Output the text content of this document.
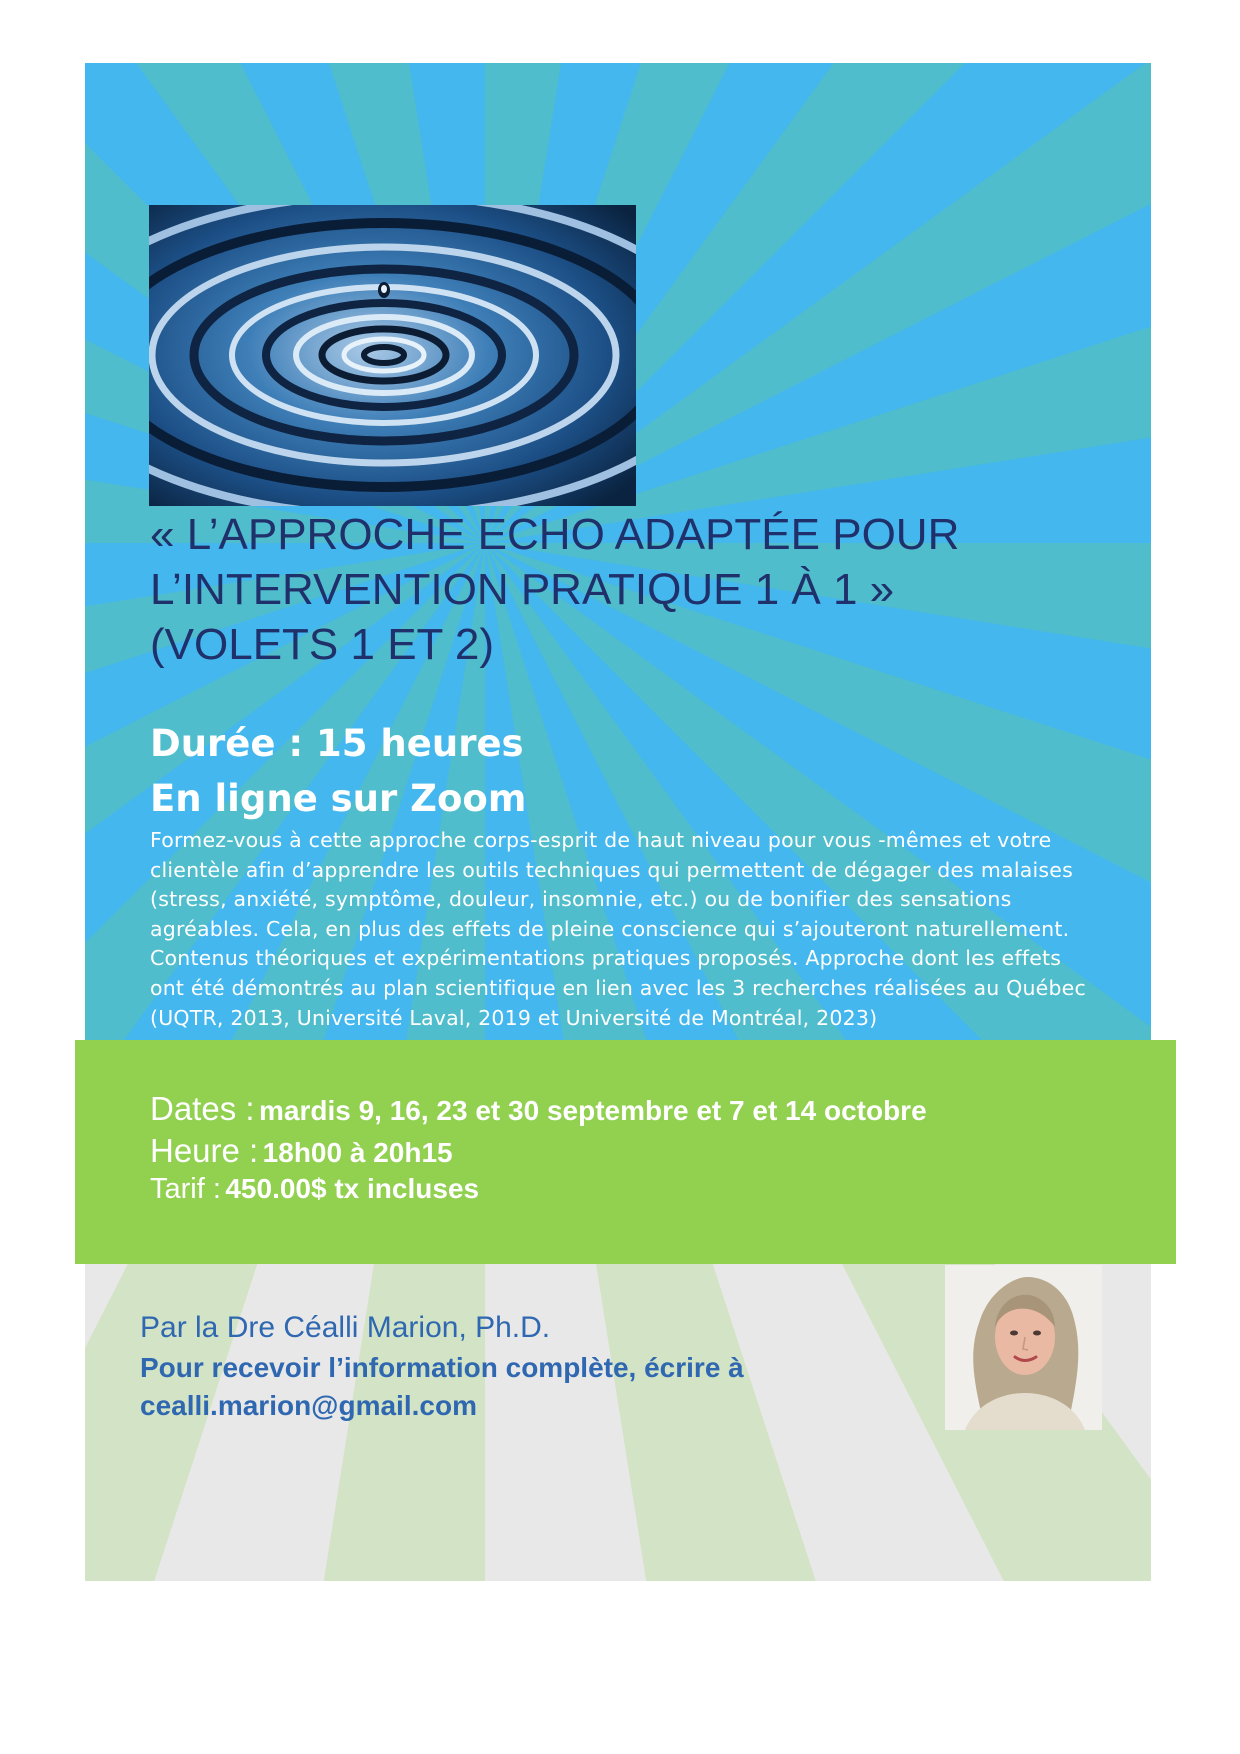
« L’APPROCHE ECHO ADAPTÉE POUR
L’INTERVENTION PRATIQUE 1 À 1 »
(VOLETS 1 ET 2)
Durée : 15 heures
En ligne sur Zoom
Formez-vous à cette approche corps-esprit de haut niveau pour vous -mêmes et votre
clientèle afin d’apprendre les outils techniques qui permettent de dégager des malaises
(stress, anxiété, symptôme, douleur, insomnie, etc.) ou de bonifier des sensations
agréables. Cela, en plus des effets de pleine conscience qui s’ajouteront naturellement.
Contenus théoriques et expérimentations pratiques proposés. Approche dont les effets
ont été démontrés au plan scientifique en lien avec les 3 recherches réalisées au Québec
(UQTR, 2013, Université Laval, 2019 et Université de Montréal, 2023)
Dates : mardis 9, 16, 23 et 30 septembre et 7 et 14 octobre
Heure : 18h00 à 20h15
Tarif : 450.00$ tx incluses
Par la Dre Céalli Marion, Ph.D.
Pour recevoir l’information complète, écrire à
cealli.marion@gmail.com
